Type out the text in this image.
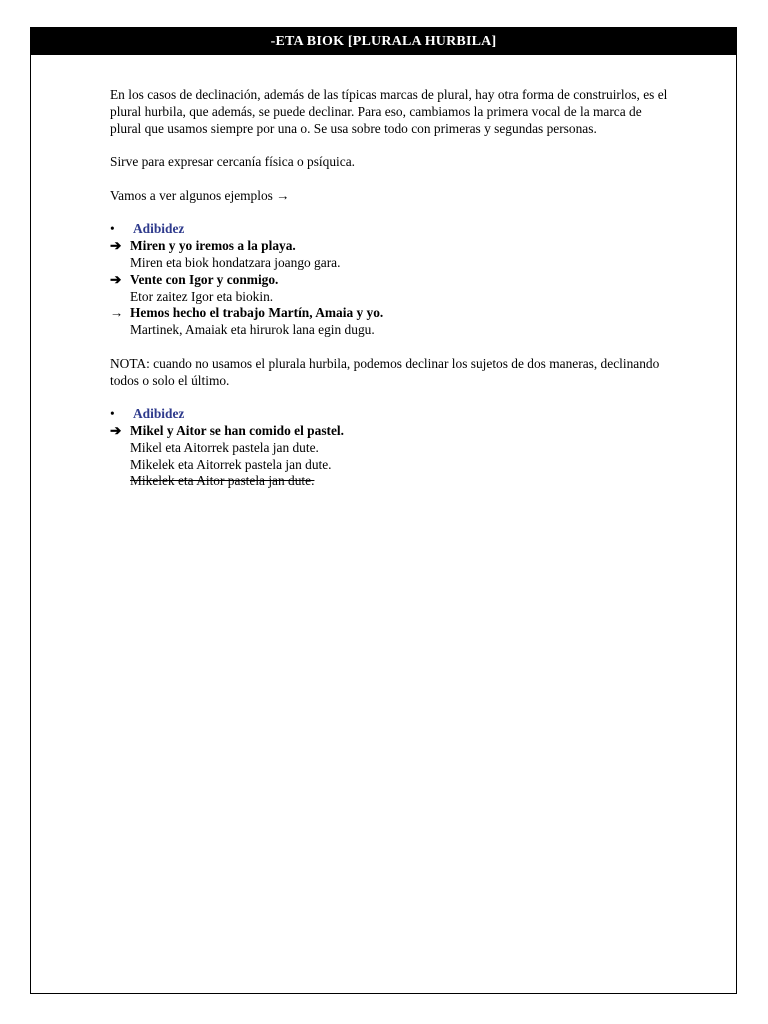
-ETA BIOK [PLURALA HURBILA]

En los casos de declinación, además de las típicas marcas de plural, hay otra forma de construirlos, es el plural hurbila, que además, se puede declinar. Para eso, cambiamos la primera vocal de la marca de plural que usamos siempre por una o. Se usa sobre todo con primeras y segundas personas.

Sirve para expresar cercanía física o psíquica.

Vamos a ver algunos ejemplos →

• Adibidez
➔ Miren y yo iremos a la playa.
Miren eta biok hondatzara joango gara.
➔ Vente con Igor y conmigo.
Etor zaitez Igor eta biokin.
→ Hemos hecho el trabajo Martín, Amaia y yo.
Martinek, Amaiak eta hirurok lana egin dugu.

NOTA: cuando no usamos el plurala hurbila, podemos declinar los sujetos de dos maneras, declinando todos o solo el último.

• Adibidez
➔ Mikel y Aitor se han comido el pastel.
Mikel eta Aitorrek pastela jan dute.
Mikelek eta Aitorrek pastela jan dute.
Mikelek eta Aitor pastela jan dute.
